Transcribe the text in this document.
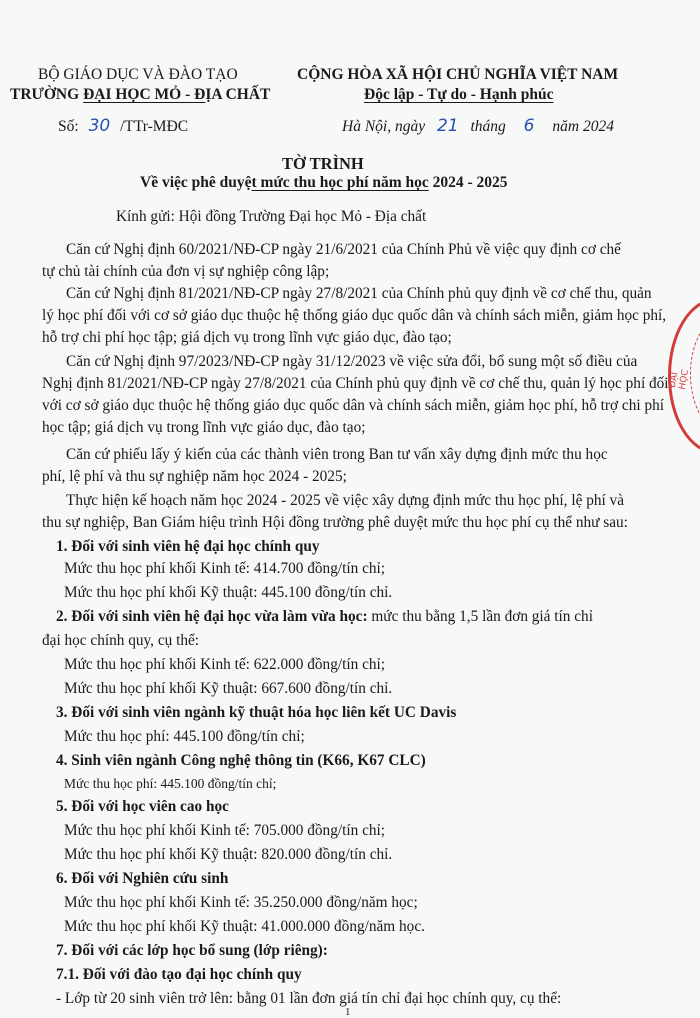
BỘ GIÁO DỤC VÀ ĐÀO TẠO
TRƯỜNG ĐẠI HỌC MỎ - ĐỊA CHẤT
Số: 30 /TTr-MĐC
CỘNG HÒA XÃ HỘI CHỦ NGHĨA VIỆT NAM
Độc lập - Tự do - Hạnh phúc
Hà Nội, ngày 21 tháng 6 năm 2024
TỜ TRÌNH
Về việc phê duyệt mức thu học phí năm học 2024 - 2025
Kính gửi: Hội đồng Trường Đại học Mỏ - Địa chất
Căn cứ Nghị định 60/2021/NĐ-CP ngày 21/6/2021 của Chính Phủ về việc quy định cơ chế
tự chủ tài chính của đơn vị sự nghiệp công lập;
Căn cứ Nghị định 81/2021/NĐ-CP ngày 27/8/2021 của Chính phủ quy định về cơ chế thu, quản
lý học phí đối với cơ sở giáo dục thuộc hệ thống giáo dục quốc dân và chính sách miễn, giảm học phí,
hỗ trợ chi phí học tập; giá dịch vụ trong lĩnh vực giáo dục, đào tạo;
Căn cứ Nghị định 97/2023/NĐ-CP ngày 31/12/2023 về việc sửa đổi, bổ sung một số điều của
Nghị định 81/2021/NĐ-CP ngày 27/8/2021 của Chính phủ quy định về cơ chế thu, quản lý học phí đối
với cơ sở giáo dục thuộc hệ thống giáo dục quốc dân và chính sách miễn, giảm học phí, hỗ trợ chi phí
học tập; giá dịch vụ trong lĩnh vực giáo dục, đào tạo;
Căn cứ phiếu lấy ý kiến của các thành viên trong Ban tư vấn xây dựng định mức thu học
phí, lệ phí và thu sự nghiệp năm học 2024 - 2025;
Thực hiện kế hoạch năm học 2024 - 2025 về việc xây dựng định mức thu học phí, lệ phí và
thu sự nghiệp, Ban Giám hiệu trình Hội đồng trường phê duyệt mức thu học phí cụ thể như sau:
1. Đối với sinh viên hệ đại học chính quy
Mức thu học phí khối Kinh tế: 414.700 đồng/tín chỉ;
Mức thu học phí khối Kỹ thuật: 445.100 đồng/tín chỉ.
2. Đối với sinh viên hệ đại học vừa làm vừa học: mức thu bằng 1,5 lần đơn giá tín chỉ
đại học chính quy, cụ thể:
Mức thu học phí khối Kinh tế: 622.000 đồng/tín chỉ;
Mức thu học phí khối Kỹ thuật: 667.600 đồng/tín chỉ.
3. Đối với sinh viên ngành kỹ thuật hóa học liên kết UC Davis
Mức thu học phí: 445.100 đồng/tín chỉ;
4. Sinh viên ngành Công nghệ thông tin (K66, K67 CLC)
Mức thu học phí: 445.100 đồng/tín chỉ;
5. Đối với học viên cao học
Mức thu học phí khối Kinh tế: 705.000 đồng/tín chỉ;
Mức thu học phí khối Kỹ thuật: 820.000 đồng/tín chỉ.
6. Đối với Nghiên cứu sinh
Mức thu học phí khối Kinh tế: 35.250.000 đồng/năm học;
Mức thu học phí khối Kỹ thuật: 41.000.000 đồng/năm học.
7. Đối với các lớp học bổ sung (lớp riêng):
7.1. Đối với đào tạo đại học chính quy
- Lớp từ 20 sinh viên trở lên: bằng 01 lần đơn giá tín chỉ đại học chính quy, cụ thể:
1
ĐẠI HỌC
